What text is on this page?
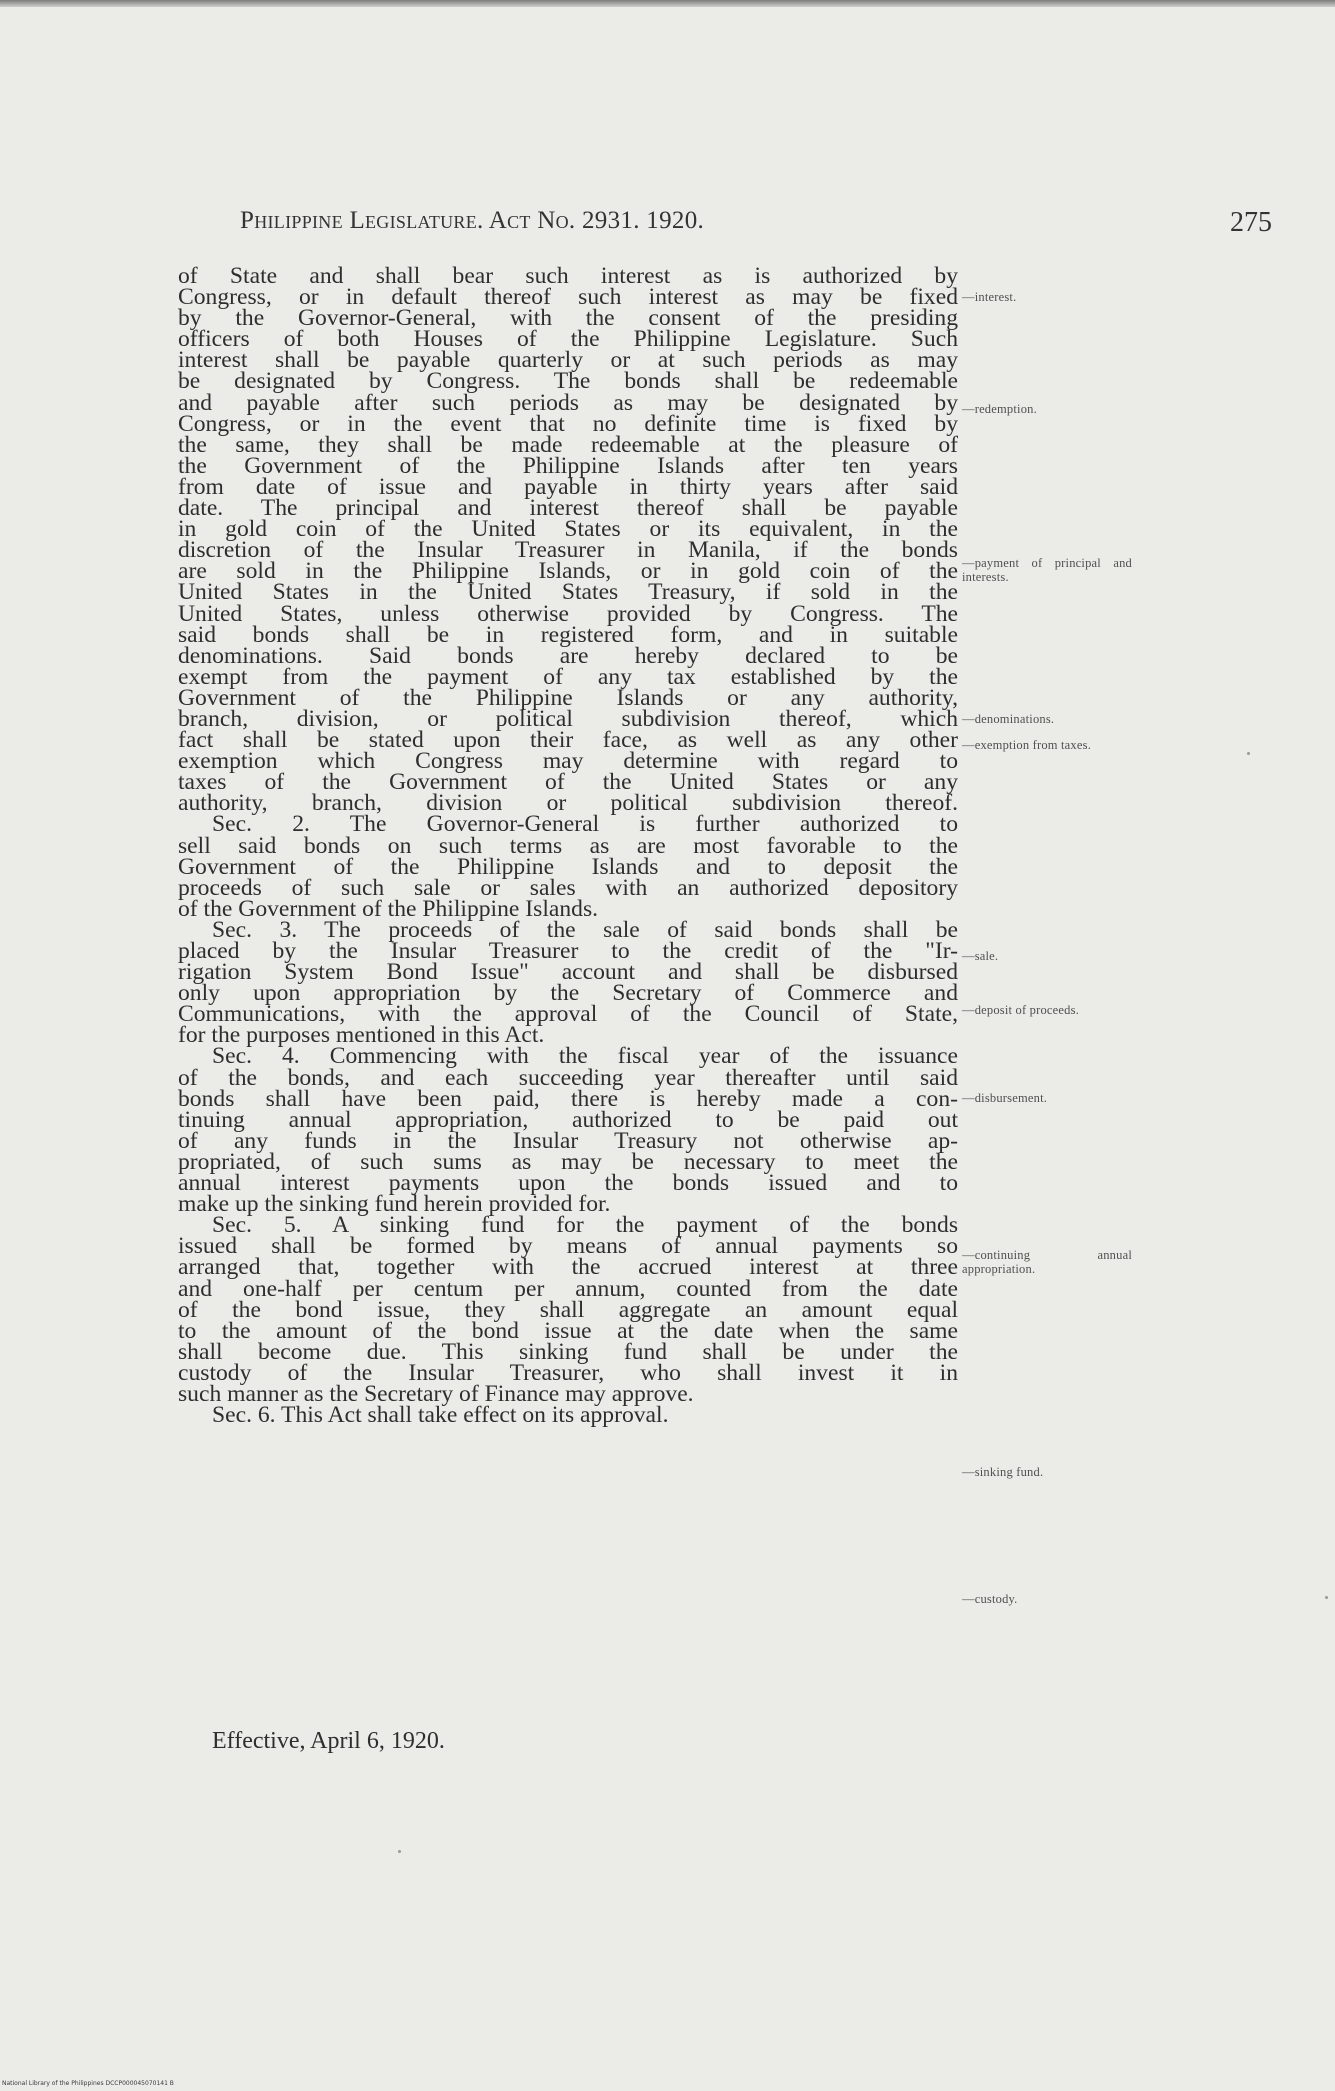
Philippine Legislature. Act No. 2931. 1920.	275
of State and shall bear such interest as is authorized by
Congress, or in default thereof such interest as may be fixed
by the Governor-General, with the consent of the presiding
officers of both Houses of the Philippine Legislature. Such
interest shall be payable quarterly or at such periods as may
be designated by Congress. The bonds shall be redeemable
and payable after such periods as may be designated by
Congress, or in the event that no definite time is fixed by
the same, they shall be made redeemable at the pleasure of
the Government of the Philippine Islands after ten years
from date of issue and payable in thirty years after said
date. The principal and interest thereof shall be payable
in gold coin of the United States or its equivalent, in the
discretion of the Insular Treasurer in Manila, if the bonds
are sold in the Philippine Islands, or in gold coin of the
United States in the United States Treasury, if sold in the
United States, unless otherwise provided by Congress. The
said bonds shall be in registered form, and in suitable
denominations. Said bonds are hereby declared to be
exempt from the payment of any tax established by the
Government of the Philippine Islands or any authority,
branch, division, or political subdivision thereof, which
fact shall be stated upon their face, as well as any other
exemption which Congress may determine with regard to
taxes of the Government of the United States or any
authority, branch, division or political subdivision thereof.
Sec. 2. The Governor-General is further authorized to
sell said bonds on such terms as are most favorable to the
Government of the Philippine Islands and to deposit the
proceeds of such sale or sales with an authorized depository
of the Government of the Philippine Islands.
Sec. 3. The proceeds of the sale of said bonds shall be
placed by the Insular Treasurer to the credit of the "Ir-
rigation System Bond Issue" account and shall be disbursed
only upon appropriation by the Secretary of Commerce and
Communications, with the approval of the Council of State,
for the purposes mentioned in this Act.
Sec. 4. Commencing with the fiscal year of the issuance
of the bonds, and each succeeding year thereafter until said
bonds shall have been paid, there is hereby made a con-
tinuing annual appropriation, authorized to be paid out
of any funds in the Insular Treasury not otherwise ap-
propriated, of such sums as may be necessary to meet the
annual interest payments upon the bonds issued and to
make up the sinking fund herein provided for.
Sec. 5. A sinking fund for the payment of the bonds
issued shall be formed by means of annual payments so
arranged that, together with the accrued interest at three
and one-half per centum per annum, counted from the date
of the bond issue, they shall aggregate an amount equal
to the amount of the bond issue at the date when the same
shall become due. This sinking fund shall be under the
custody of the Insular Treasurer, who shall invest it in
such manner as the Secretary of Finance may approve.
Sec. 6. This Act shall take effect on its approval.
—interest.
—redemption.
—payment of principal and interests.
—denominations.
—exemption from taxes.
—sale.
—deposit of proceeds.
—disbursement.
—continuing annual appropriation.
—sinking fund.
—custody.
Effective, April 6, 1920.
National Library of the Philippines DCCP000045070141 B
